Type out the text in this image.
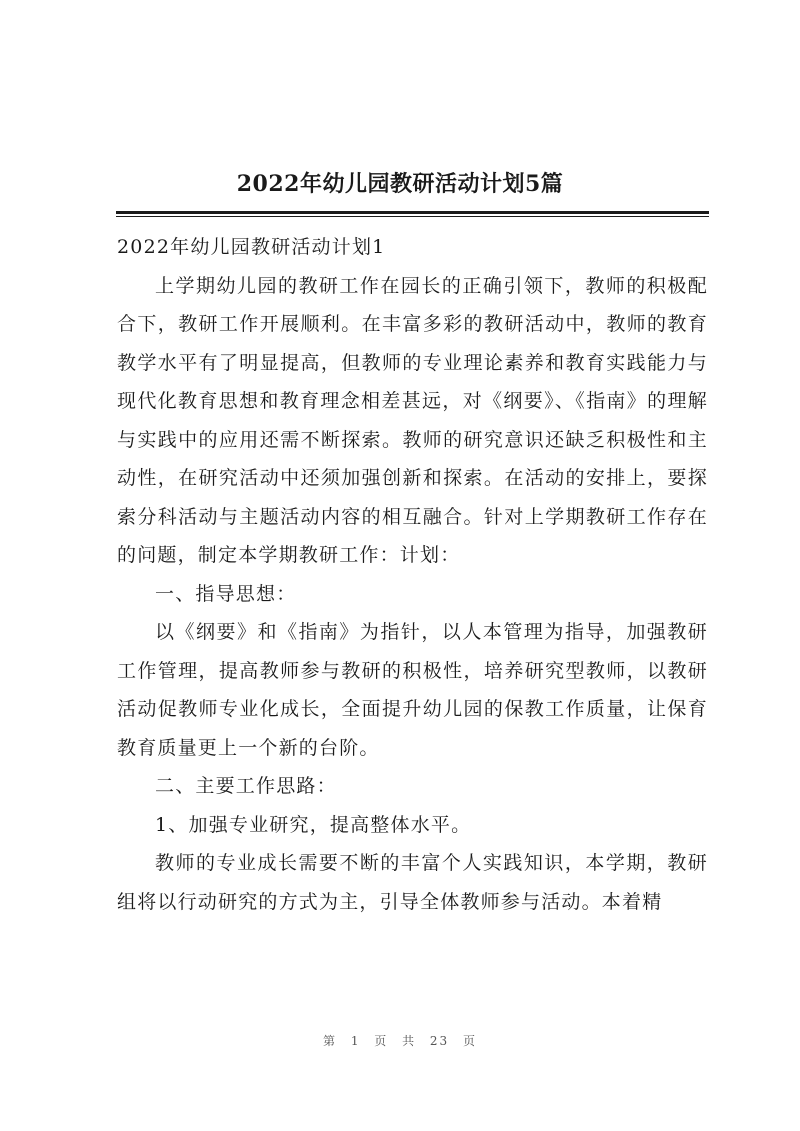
2022年幼儿园教研活动计划5篇

2022年幼儿园教研活动计划1

上学期幼儿园的教研工作在园长的正确引领下，教师的积极配合下，教研工作开展顺利。在丰富多彩的教研活动中，教师的教育教学水平有了明显提高，但教师的专业理论素养和教育实践能力与现代化教育思想和教育理念相差甚远，对《纲要》、《指南》的理解与实践中的应用还需不断探索。教师的研究意识还缺乏积极性和主动性，在研究活动中还须加强创新和探索。在活动的安排上，要探索分科活动与主题活动内容的相互融合。针对上学期教研工作存在的问题，制定本学期教研工作：计划：

一、指导思想：

以《纲要》和《指南》为指针，以人本管理为指导，加强教研工作管理，提高教师参与教研的积极性，培养研究型教师，以教研活动促教师专业化成长，全面提升幼儿园的保教工作质量，让保育教育质量更上一个新的台阶。

二、主要工作思路：

1、加强专业研究，提高整体水平。

教师的专业成长需要不断的丰富个人实践知识，本学期，教研组将以行动研究的方式为主，引导全体教师参与活动。本着精

第 1 页 共 23 页
